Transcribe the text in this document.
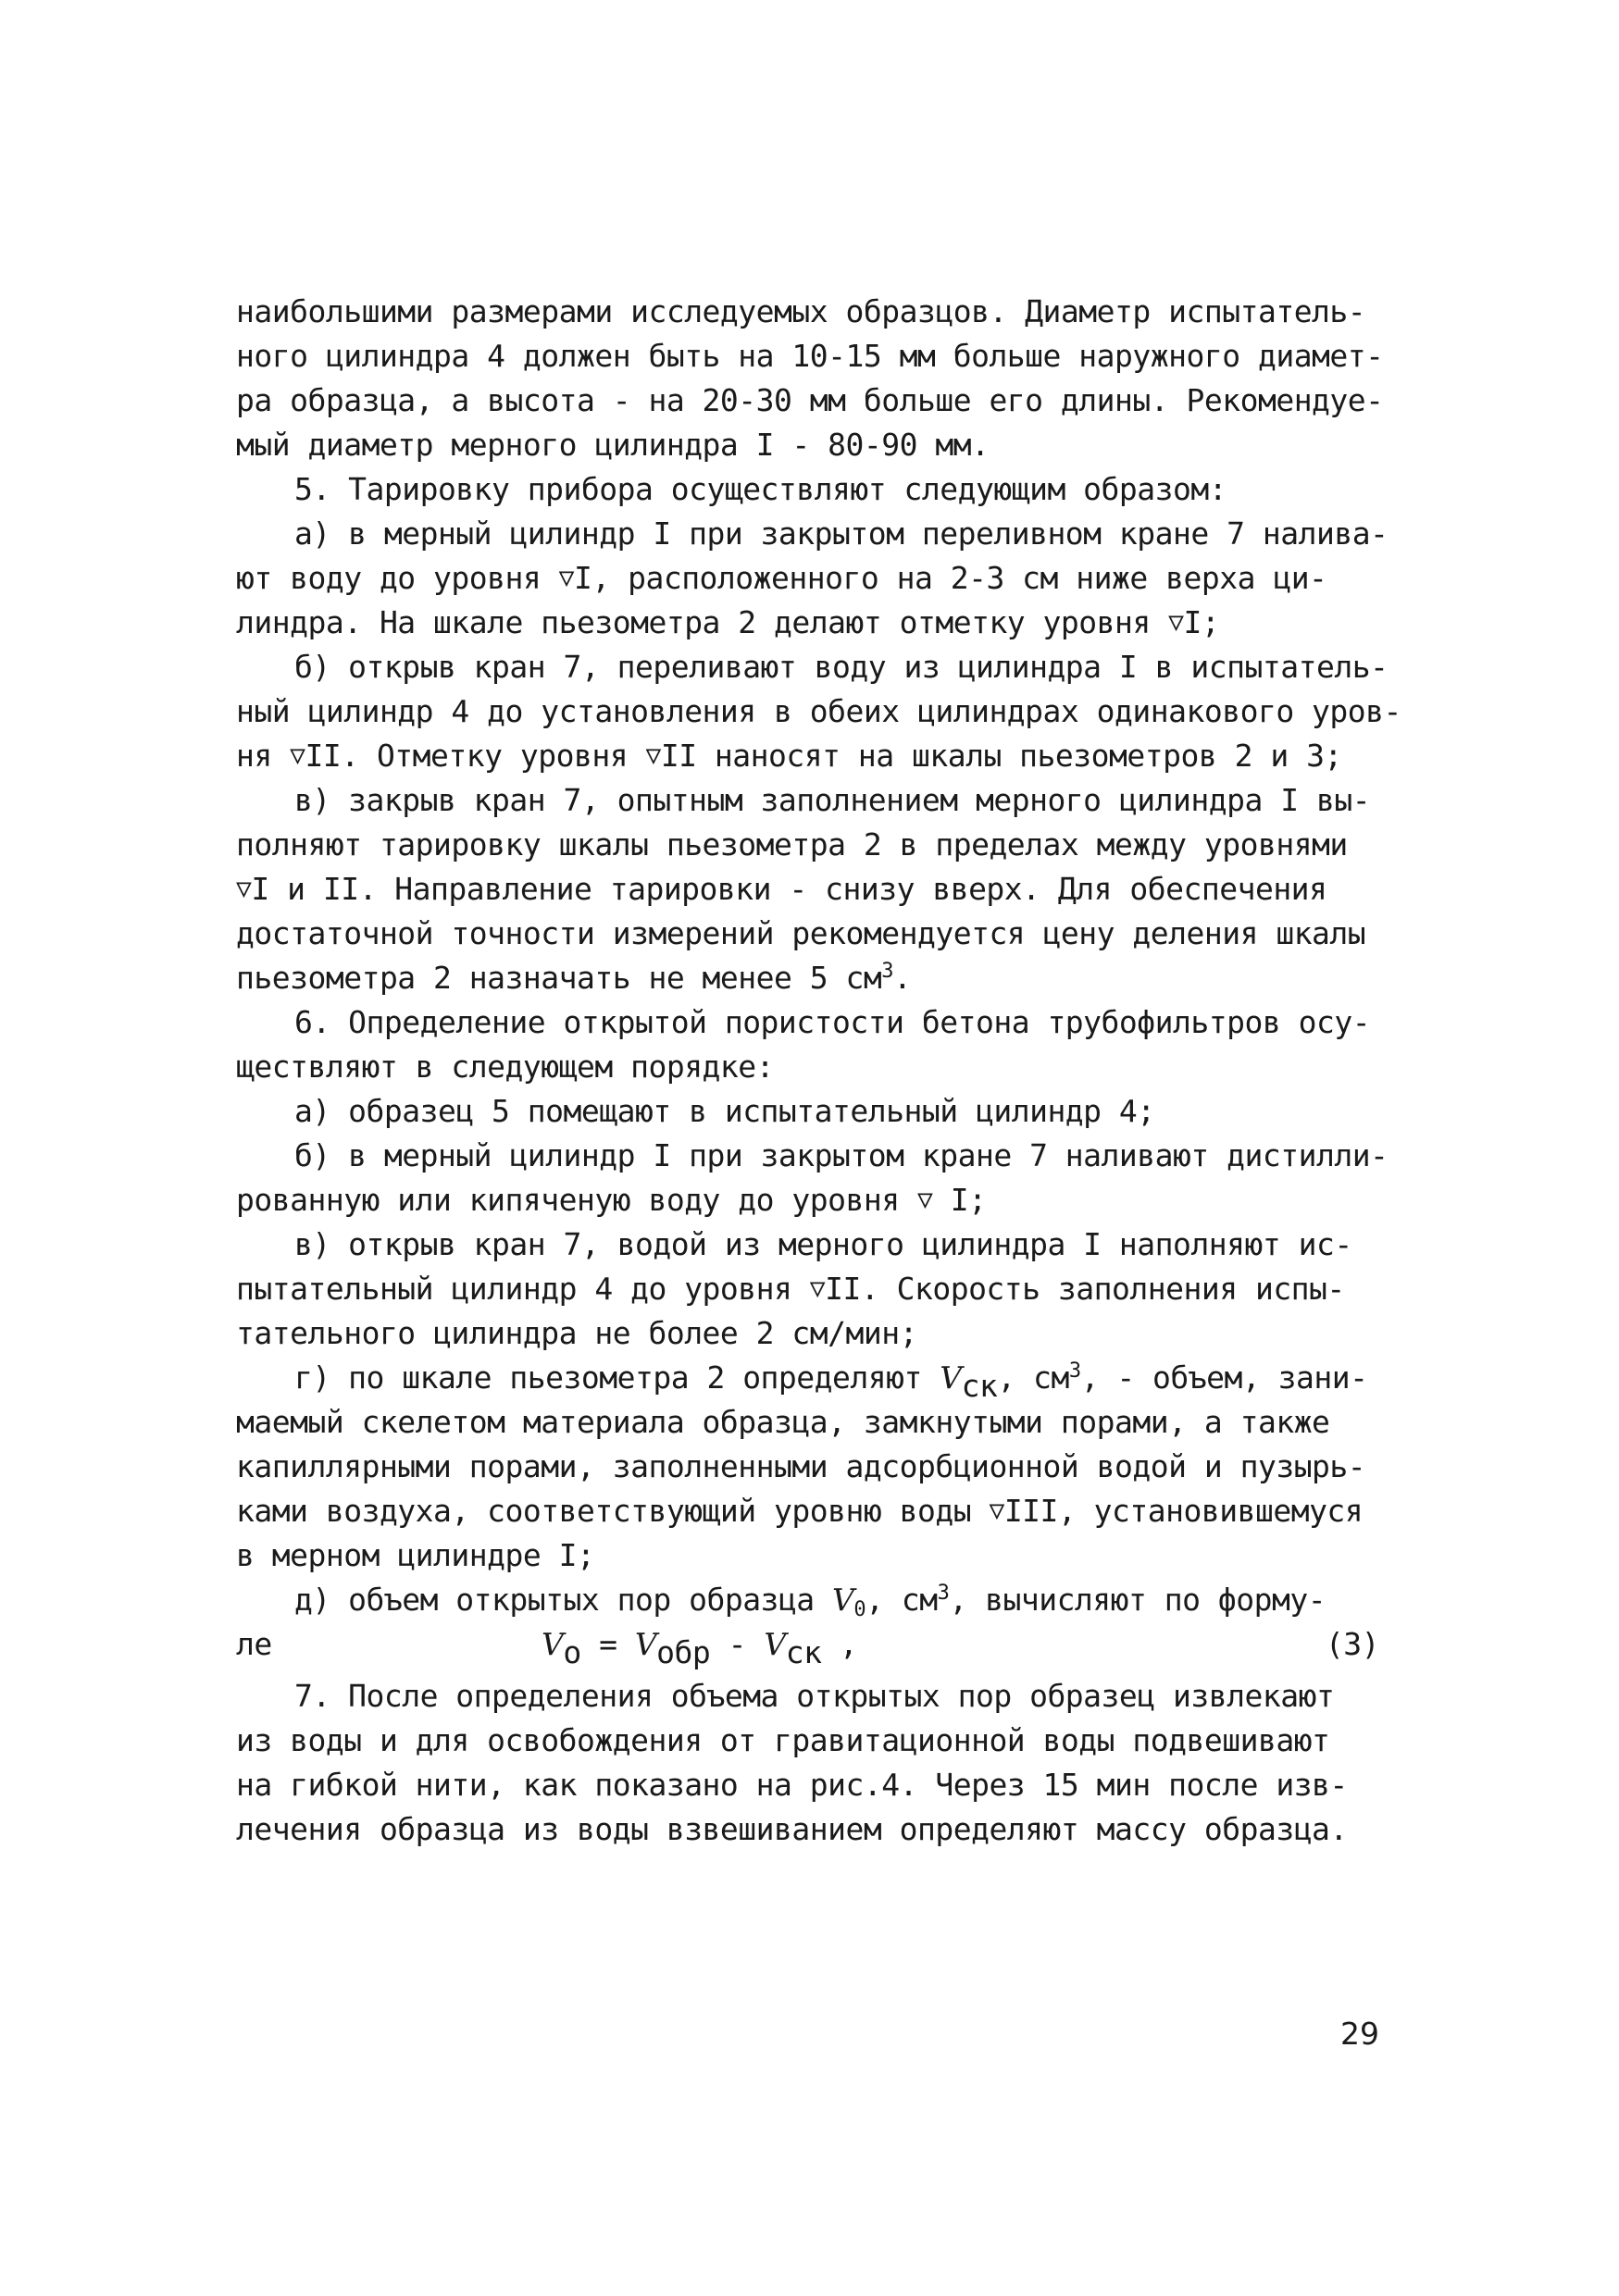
наибольшими размерами исследуемых образцов. Диаметр испытатель-
ного цилиндра 4 должен быть на 10-15 мм больше наружного диамет-
ра образца, а высота - на 20-30 мм больше его длины. Рекомендуе-
мый диаметр мерного цилиндра I - 80-90 мм.
5. Тарировку прибора осуществляют следующим образом:
а) в мерный цилиндр I при закрытом переливном кране 7 налива-
ют воду до уровня ▽I, расположенного на 2-3 см ниже верха ци-
линдра. На шкале пьезометра 2 делают отметку уровня ▽I;
б) открыв кран 7, переливают воду из цилиндра I в испытатель-
ный цилиндр 4 до установления в обеих цилиндрах одинакового уров-
ня ▽II. Отметку уровня ▽II наносят на шкалы пьезометров 2 и 3;
в) закрыв кран 7, опытным заполнением мерного цилиндра I вы-
полняют тарировку шкалы пьезометра 2 в пределах между уровнями
▽I и II. Направление тарировки - снизу вверх. Для обеспечения
достаточной точности измерений рекомендуется цену деления шкалы
пьезометра 2 назначать не менее 5 $см^3$.
6. Определение открытой пористости бетона трубофильтров осу-
ществляют в следующем порядке:
а) образец 5 помещают в испытательный цилиндр 4;
б) в мерный цилиндр I при закрытом кране 7 наливают дистилли-
рованную или кипяченую воду до уровня ▽ I;
в) открыв кран 7, водой из мерного цилиндра I наполняют ис-
пытательный цилиндр 4 до уровня ▽II. Скорость заполнения испы-
тательного цилиндра не более 2 см/мин;
г) по шкале пьезометра 2 определяют Vск, $см^3$, - объем, зани-
маемый скелетом материала образца, замкнутыми порами, а также
капиллярными порами, заполненными адсорбционной водой и пузырь-
ками воздуха, соответствующий уровню воды ▽III, установившемуся
в мерном цилиндре I;
д) объем открытых пор образца V0, $см^3$, вычисляют по форму-
ле	Vо = Vобр - Vск ,	(3)
7. После определения объема открытых пор образец извлекают
из воды и для освобождения от гравитационной воды подвешивают
на гибкой нити, как показано на рис.4. Через 15 мин после изв-
лечения образца из воды взвешиванием определяют массу образца.
29
